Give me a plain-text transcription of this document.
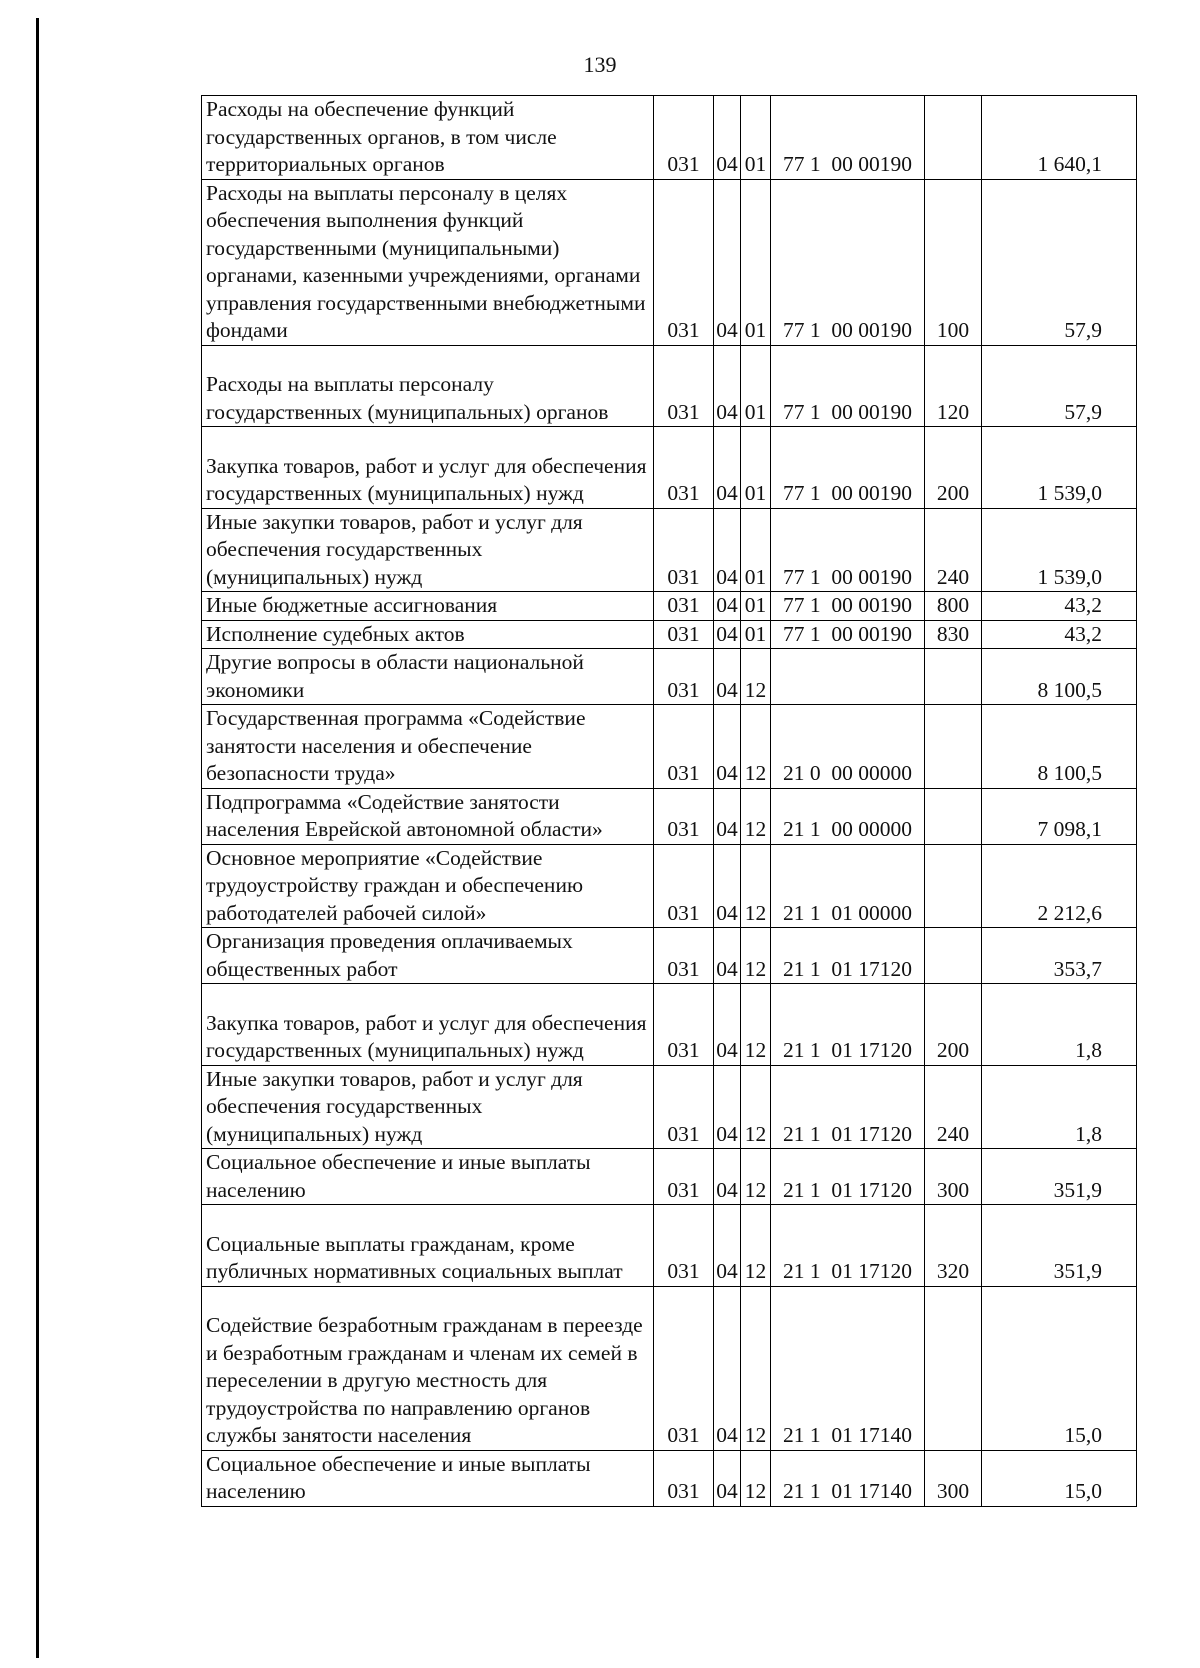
139
Расходы на обеспечение функций государственных органов, в том числе территориальных органов	031	04	01	77 1  00 00190		1 640,1
Расходы на выплаты персоналу в целях обеспечения выполнения функций государственными (муниципальными) органами, казенными учреждениями, органами управления государственными внебюджетными фондами	031	04	01	77 1  00 00190	100	57,9
Расходы на выплаты персоналу государственных (муниципальных) органов	031	04	01	77 1  00 00190	120	57,9
Закупка товаров, работ и услуг для обеспечения государственных (муниципальных) нужд	031	04	01	77 1  00 00190	200	1 539,0
Иные закупки товаров, работ и услуг для обеспечения государственных (муниципальных) нужд	031	04	01	77 1  00 00190	240	1 539,0
Иные бюджетные ассигнования	031	04	01	77 1  00 00190	800	43,2
Исполнение судебных актов	031	04	01	77 1  00 00190	830	43,2
Другие вопросы в области национальной экономики	031	04	12			8 100,5
Государственная программа «Содействие занятости населения и обеспечение безопасности труда»	031	04	12	21 0  00 00000		8 100,5
Подпрограмма «Содействие занятости населения Еврейской автономной области»	031	04	12	21 1  00 00000		7 098,1
Основное мероприятие «Содействие трудоустройству граждан и обеспечению работодателей рабочей силой»	031	04	12	21 1  01 00000		2 212,6
Организация проведения оплачиваемых общественных работ	031	04	12	21 1  01 17120		353,7
Закупка товаров, работ и услуг для обеспечения государственных (муниципальных) нужд	031	04	12	21 1  01 17120	200	1,8
Иные закупки товаров, работ и услуг для обеспечения государственных (муниципальных) нужд	031	04	12	21 1  01 17120	240	1,8
Социальное обеспечение и иные выплаты населению	031	04	12	21 1  01 17120	300	351,9
Социальные выплаты гражданам, кроме публичных нормативных социальных выплат	031	04	12	21 1  01 17120	320	351,9
Содействие безработным гражданам в переезде и безработным гражданам и членам их семей в переселении в другую местность для трудоустройства по направлению органов службы занятости населения	031	04	12	21 1  01 17140		15,0
Социальное обеспечение и иные выплаты населению	031	04	12	21 1  01 17140	300	15,0
